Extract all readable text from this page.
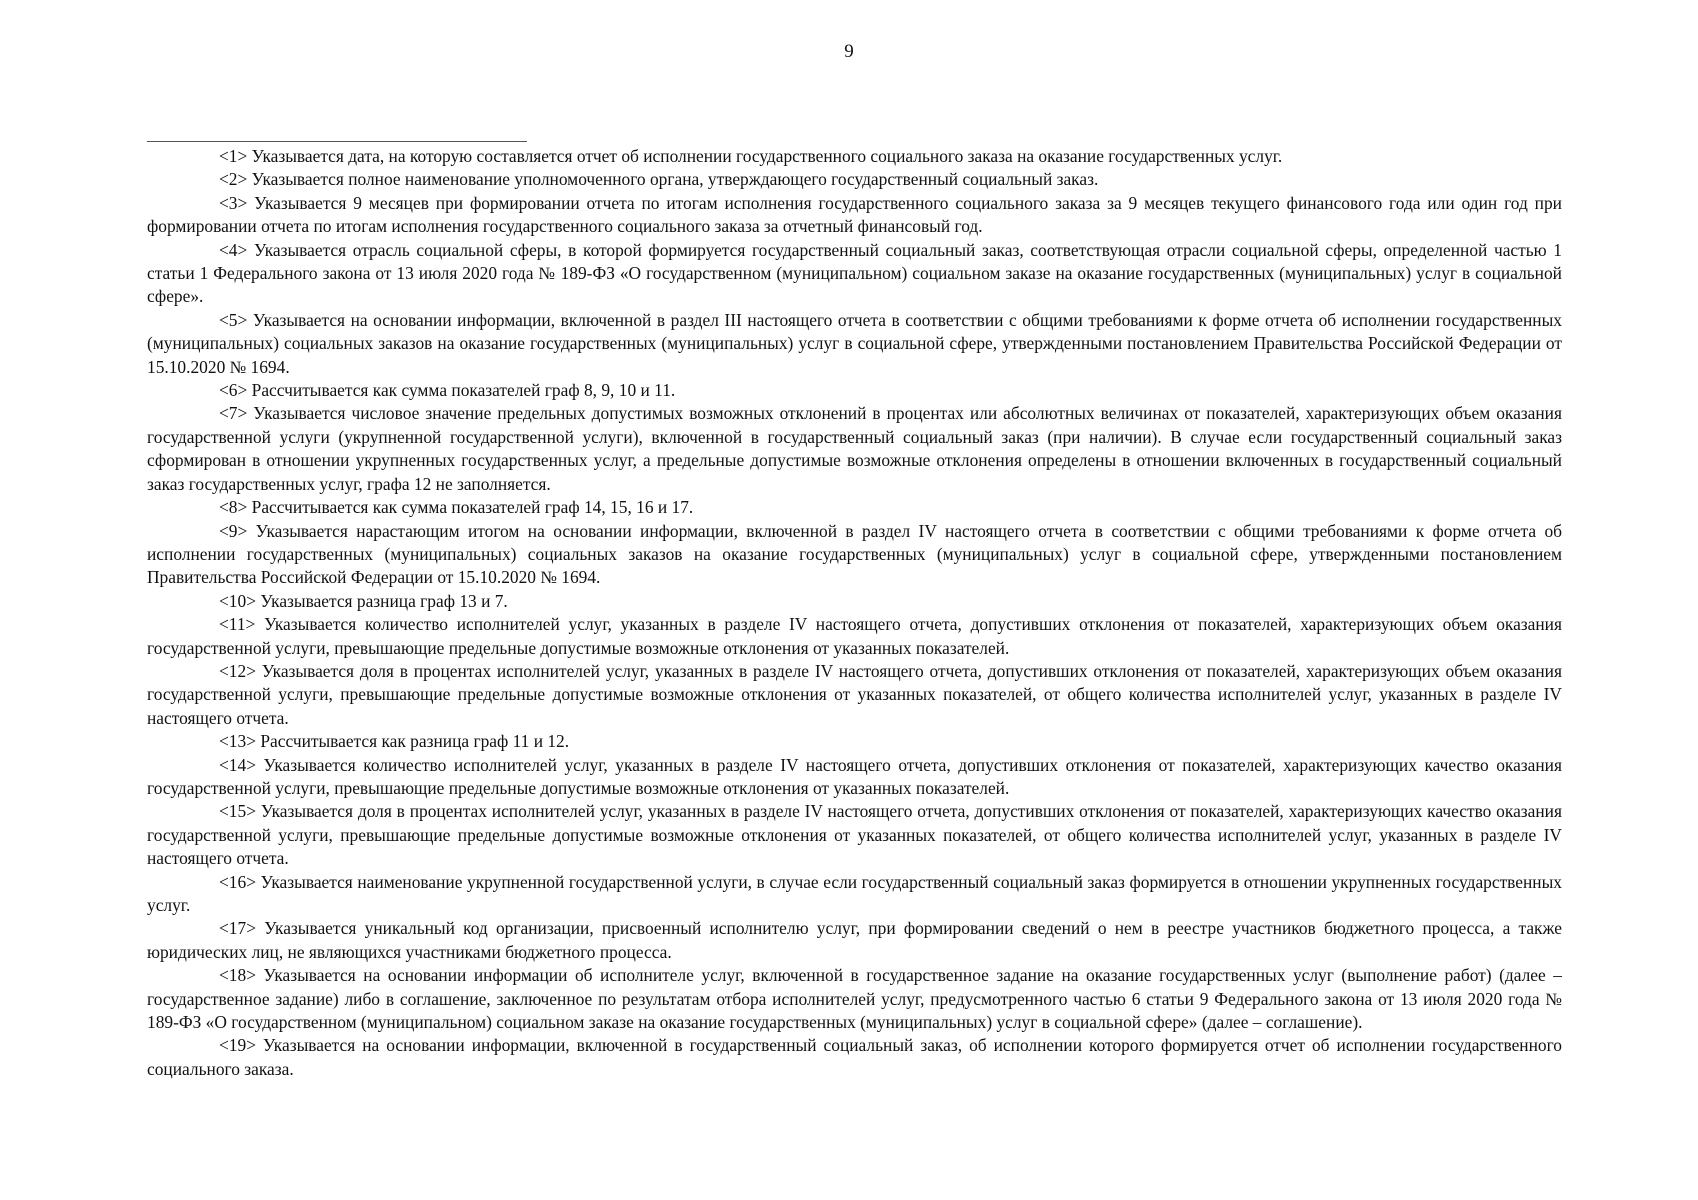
9

<1> Указывается дата, на которую составляется отчет об исполнении государственного социального заказа на оказание государственных услуг.

<2> Указывается полное наименование уполномоченного органа, утверждающего государственный социальный заказ.

<3> Указывается 9 месяцев при формировании отчета по итогам исполнения государственного социального заказа за 9 месяцев текущего финансового года или один год при формировании отчета по итогам исполнения государственного социального заказа за отчетный финансовый год.

<4> Указывается отрасль социальной сферы, в которой формируется государственный социальный заказ, соответствующая отрасли социальной сферы, определенной частью 1 статьи 1 Федерального закона от 13 июля 2020 года № 189-ФЗ «О государственном (муниципальном) социальном заказе на оказание государственных (муниципальных) услуг в социальной сфере».

<5> Указывается на основании информации, включенной в раздел III настоящего отчета в соответствии с общими требованиями к форме отчета об исполнении государственных (муниципальных) социальных заказов на оказание государственных (муниципальных) услуг в социальной сфере, утвержденными постановлением Правительства Российской Федерации от 15.10.2020 № 1694.

<6> Рассчитывается как сумма показателей граф 8, 9, 10 и 11.

<7> Указывается числовое значение предельных допустимых возможных отклонений в процентах или абсолютных величинах от показателей, характеризующих объем оказания государственной услуги (укрупненной государственной услуги), включенной в государственный социальный заказ (при наличии). В случае если государственный социальный заказ сформирован в отношении укрупненных государственных услуг, а предельные допустимые возможные отклонения определены в отношении включенных в государственный социальный заказ государственных услуг, графа 12 не заполняется.

<8> Рассчитывается как сумма показателей граф 14, 15, 16 и 17.

<9> Указывается нарастающим итогом на основании информации, включенной в раздел IV настоящего отчета в соответствии с общими требованиями к форме отчета об исполнении государственных (муниципальных) социальных заказов на оказание государственных (муниципальных) услуг в социальной сфере, утвержденными постановлением Правительства Российской Федерации от 15.10.2020 № 1694.

<10> Указывается разница граф 13 и 7.

<11> Указывается количество исполнителей услуг, указанных в разделе IV настоящего отчета, допустивших отклонения от показателей, характеризующих объем оказания государственной услуги, превышающие предельные допустимые возможные отклонения от указанных показателей.

<12> Указывается доля в процентах исполнителей услуг, указанных в разделе IV настоящего отчета, допустивших отклонения от показателей, характеризующих объем оказания государственной услуги, превышающие предельные допустимые возможные отклонения от указанных показателей, от общего количества исполнителей услуг, указанных в разделе IV настоящего отчета.

<13> Рассчитывается как разница граф 11 и 12.

<14> Указывается количество исполнителей услуг, указанных в разделе IV настоящего отчета, допустивших отклонения от показателей, характеризующих качество оказания государственной услуги, превышающие предельные допустимые возможные отклонения от указанных показателей.

<15> Указывается доля в процентах исполнителей услуг, указанных в разделе IV настоящего отчета, допустивших отклонения от показателей, характеризующих качество оказания государственной услуги, превышающие предельные допустимые возможные отклонения от указанных показателей, от общего количества исполнителей услуг, указанных в разделе IV настоящего отчета.

<16> Указывается наименование укрупненной государственной услуги, в случае если государственный социальный заказ формируется в отношении укрупненных государственных услуг.

<17> Указывается уникальный код организации, присвоенный исполнителю услуг, при формировании сведений о нем в реестре участников бюджетного процесса, а также юридических лиц, не являющихся участниками бюджетного процесса.

<18> Указывается на основании информации об исполнителе услуг, включенной в государственное задание на оказание государственных услуг (выполнение работ) (далее – государственное задание) либо в соглашение, заключенное по результатам отбора исполнителей услуг, предусмотренного частью 6 статьи 9 Федерального закона от 13 июля 2020 года № 189-ФЗ «О государственном (муниципальном) социальном заказе на оказание государственных (муниципальных) услуг в социальной сфере» (далее – соглашение).

<19> Указывается на основании информации, включенной в государственный социальный заказ, об исполнении которого формируется отчет об исполнении государственного социального заказа.
